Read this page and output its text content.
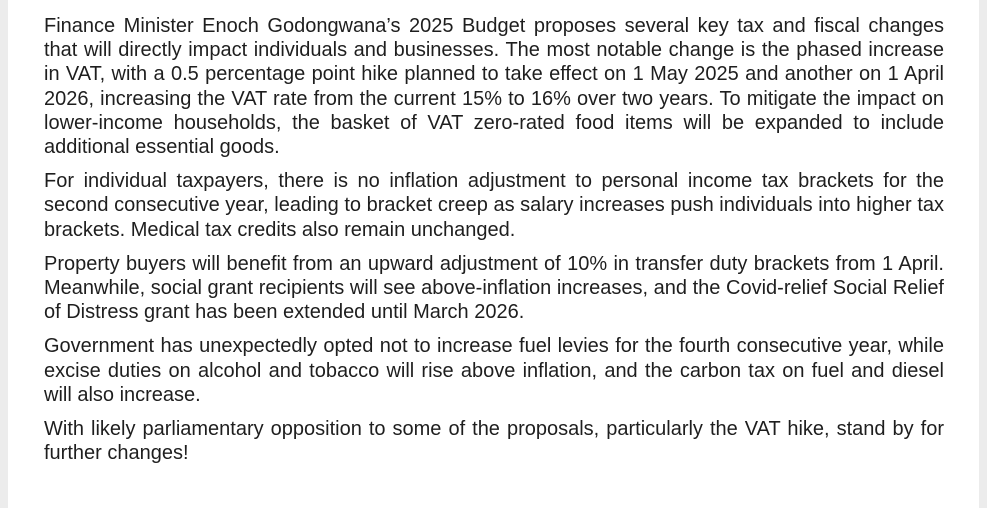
Finance Minister Enoch Godongwana’s 2025 Budget proposes several key tax and fiscal changes that will directly impact individuals and businesses. The most notable change is the phased increase in VAT, with a 0.5 percentage point hike planned to take effect on 1 May 2025 and another on 1 April 2026, increasing the VAT rate from the current 15% to 16% over two years. To mitigate the impact on lower-income households, the basket of VAT zero-rated food items will be expanded to include additional essential goods.

For individual taxpayers, there is no inflation adjustment to personal income tax brackets for the second consecutive year, leading to bracket creep as salary increases push individuals into higher tax brackets. Medical tax credits also remain unchanged.

Property buyers will benefit from an upward adjustment of 10% in transfer duty brackets from 1 April. Meanwhile, social grant recipients will see above-inflation increases, and the Covid-relief Social Relief of Distress grant has been extended until March 2026.

Government has unexpectedly opted not to increase fuel levies for the fourth consecutive year, while excise duties on alcohol and tobacco will rise above inflation, and the carbon tax on fuel and diesel will also increase.

With likely parliamentary opposition to some of the proposals, particularly the VAT hike, stand by for further changes!
